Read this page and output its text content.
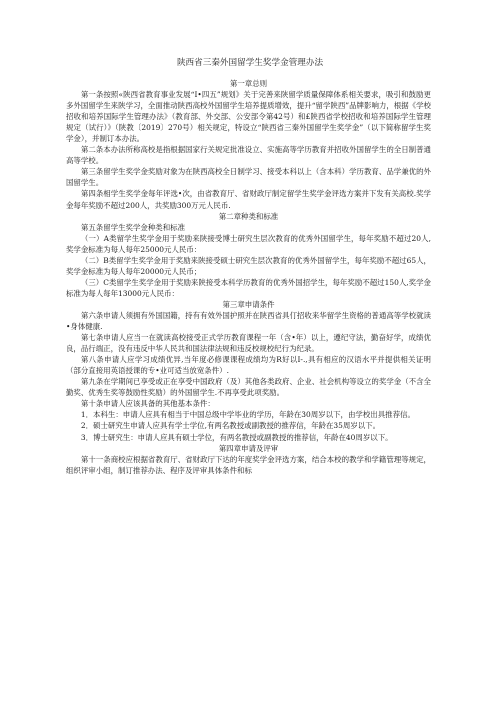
陕西省三秦外国留学生奖学金管理办法

第一章总则

第一条按照«陕西省教育事业发展“I•四五”规划》关于完善来陕留学质量保障体系相关要求，吸引和鼓励更多外国留学生来陕学习，全面推动陕西高校外国留学生培养提质增效，提升“留学陕西”品牌影响力，根据《学校招收和培养国际学生管理办法》（教育部、外交部、公安部令第42号）和£陕西省学校招收和培养国际学生管理规定（试行）》（陕教〔2019〕270号）相关规定，特设立“陕西省三秦外国留学生奖学金”（以下简称留学生奖学金），并制订本办法。

第二条本办法所称高校是指根据国家行关规定批准设立、实施高等学历教育并招收外国留学生的全日制普通高等学校。

第三条留学生奖学金奖励对象为在陕西高校全日制学习、接受本科以上（含本科）学历教育、品学兼优的外国留学生。

第四条相学生奖学金每年评选•次，由省教育厅、省财政厅制定留学生奖学金评选方案并下发有关高校.奖学金每年奖励不超过200人，共奖励300万元人民币.

第二章种类和标准

第五条留学生奖学金种类和标准

（一）A类留学生奖学金用于奖励来陕接受博士研究生层次教育的优秀外国留学生，每年奖励不超过20人,奖学金标准为每人每年25000元人民币：

（二）B类留学生奖学金用于奖励来陕接受硕士研究生层次教育的优秀外国留学生，每年奖励不超过65人，奖学金标准为每人每年20000元人民币；

（三）C类留学生奖学金用于奖励来陕接受本科学历教育的优秀外国招学生，每年奖励不超过150人,奖学金标准为每人每年13000元人民币：

第三章申请条件

第六条申请人须拥有外国国籍，持有有效外国护照并在陕西省具仃招收来华留学生资格的普通高等学校就读•身体健康.

第七条申请人应当一在就读高校接受正式学历教育课程一年（含•年）以上，遵纪守法，勤奋好学，成绩优良，品行端正，没有违反中华人民共和国法律法规和违反校规校纪行为纪录。

第八条申请人应学习成绩优异,当年度必修课课程成绩均为R好以I-.,具有相应的汉语水平并提供相关证明（部分直接用英语授课的专•业可适当放宽条件）.

第九条在学期间已享受或正在享受中国政府（及）其他各类政府、企业、社会机构等设立的奖学金（不含全勤奖、优秀生奖等鼓励性奖励）的外国留学生.不再享受此项奖励。

第十条申请人应该具备的其他基本条件：

1．本科生：申请人应具有相当于中国总级中学毕业的学历，年龄在30周岁以下，由学校出具推荐信。

2．硕士研究生申请人应具有学士学位,有两名教授或副教授的推荐信，年龄在35周岁以下。

3．博士研究生：申请人应具有硕士学位，有两名教授或副教授的推荐信，年龄在40周岁以下。

第四章申请及评审

第十一条商校应根据省教育厅、省财政厅下达的年度奖学金评选方案，结合本校的教学和学籍管理等规定，组织评审小组，制订推荐办法、程序及评审具体条件和标
